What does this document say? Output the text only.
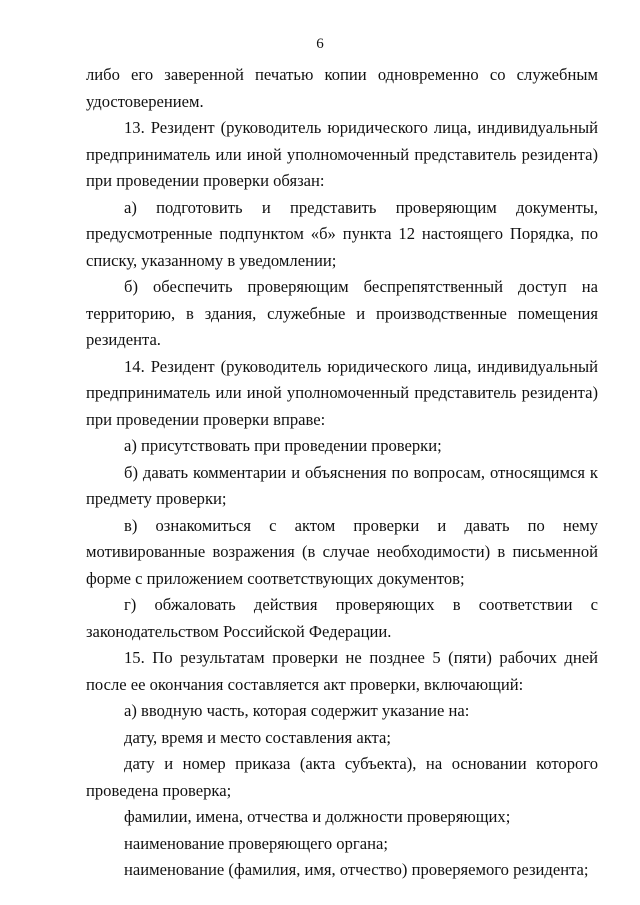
6

либо его заверенной печатью копии одновременно со служебным удостоверением.

13. Резидент (руководитель юридического лица, индивидуальный предприниматель или иной уполномоченный представитель резидента) при проведении проверки обязан:

а) подготовить и представить проверяющим документы, предусмотренные подпунктом «б» пункта 12 настоящего Порядка, по списку, указанному в уведомлении;

б) обеспечить проверяющим беспрепятственный доступ на территорию, в здания, служебные и производственные помещения резидента.

14. Резидент (руководитель юридического лица, индивидуальный предприниматель или иной уполномоченный представитель резидента) при проведении проверки вправе:

а) присутствовать при проведении проверки;

б) давать комментарии и объяснения по вопросам, относящимся к предмету проверки;

в) ознакомиться с актом проверки и давать по нему мотивированные возражения (в случае необходимости) в письменной форме с приложением соответствующих документов;

г) обжаловать действия проверяющих в соответствии с законодательством Российской Федерации.

15. По результатам проверки не позднее 5 (пяти) рабочих дней после ее окончания составляется акт проверки, включающий:

а) вводную часть, которая содержит указание на:

дату, время и место составления акта;

дату и номер приказа (акта субъекта), на основании которого проведена проверка;

фамилии, имена, отчества и должности проверяющих;

наименование проверяющего органа;

наименование (фамилия, имя, отчество) проверяемого резидента;
